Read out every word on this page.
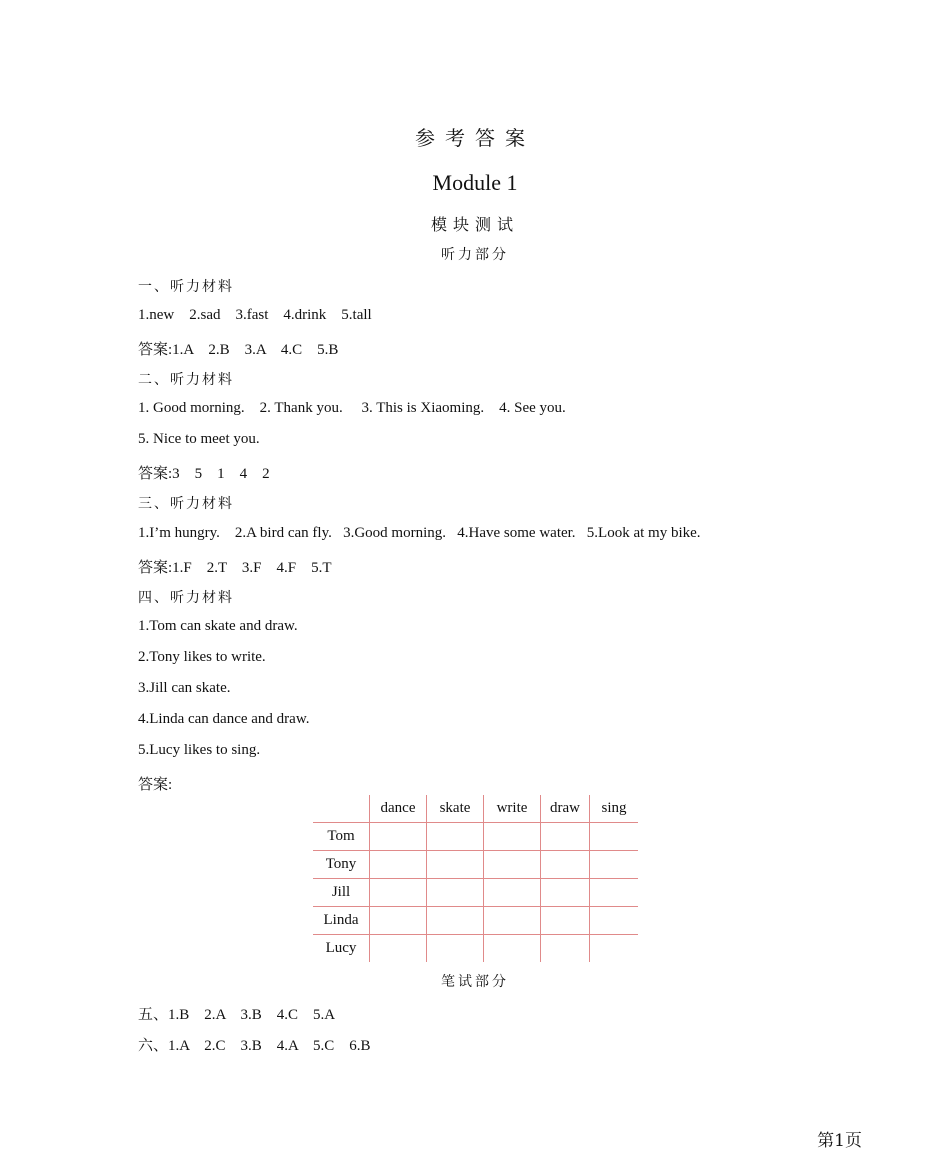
参考答案
Module 1
模块测试
听力部分
一、听力材料
1.new    2.sad    3.fast    4.drink    5.tall
答案:1.A    2.B    3.A    4.C    5.B
二、听力材料
1. Good morning.    2. Thank you.     3. This is Xiaoming.    4. See you.
5. Nice to meet you.
答案:3    5    1    4    2
三、听力材料
1.I’m hungry.    2.A bird can fly.   3.Good morning.   4.Have some water.   5.Look at my bike.
答案:1.F    2.T    3.F    4.F    5.T
四、听力材料
1.Tom can skate and draw.
2.Tony likes to write.
3.Jill can skate.
4.Linda can dance and draw.
5.Lucy likes to sing.
答案:
	dance	skate	write	draw	sing
Tom					
Tony					
Jill					
Linda					
Lucy					
笔试部分
五、1.B    2.A    3.B    4.C    5.A
六、1.A    2.C    3.B    4.A    5.C    6.B
第1页
